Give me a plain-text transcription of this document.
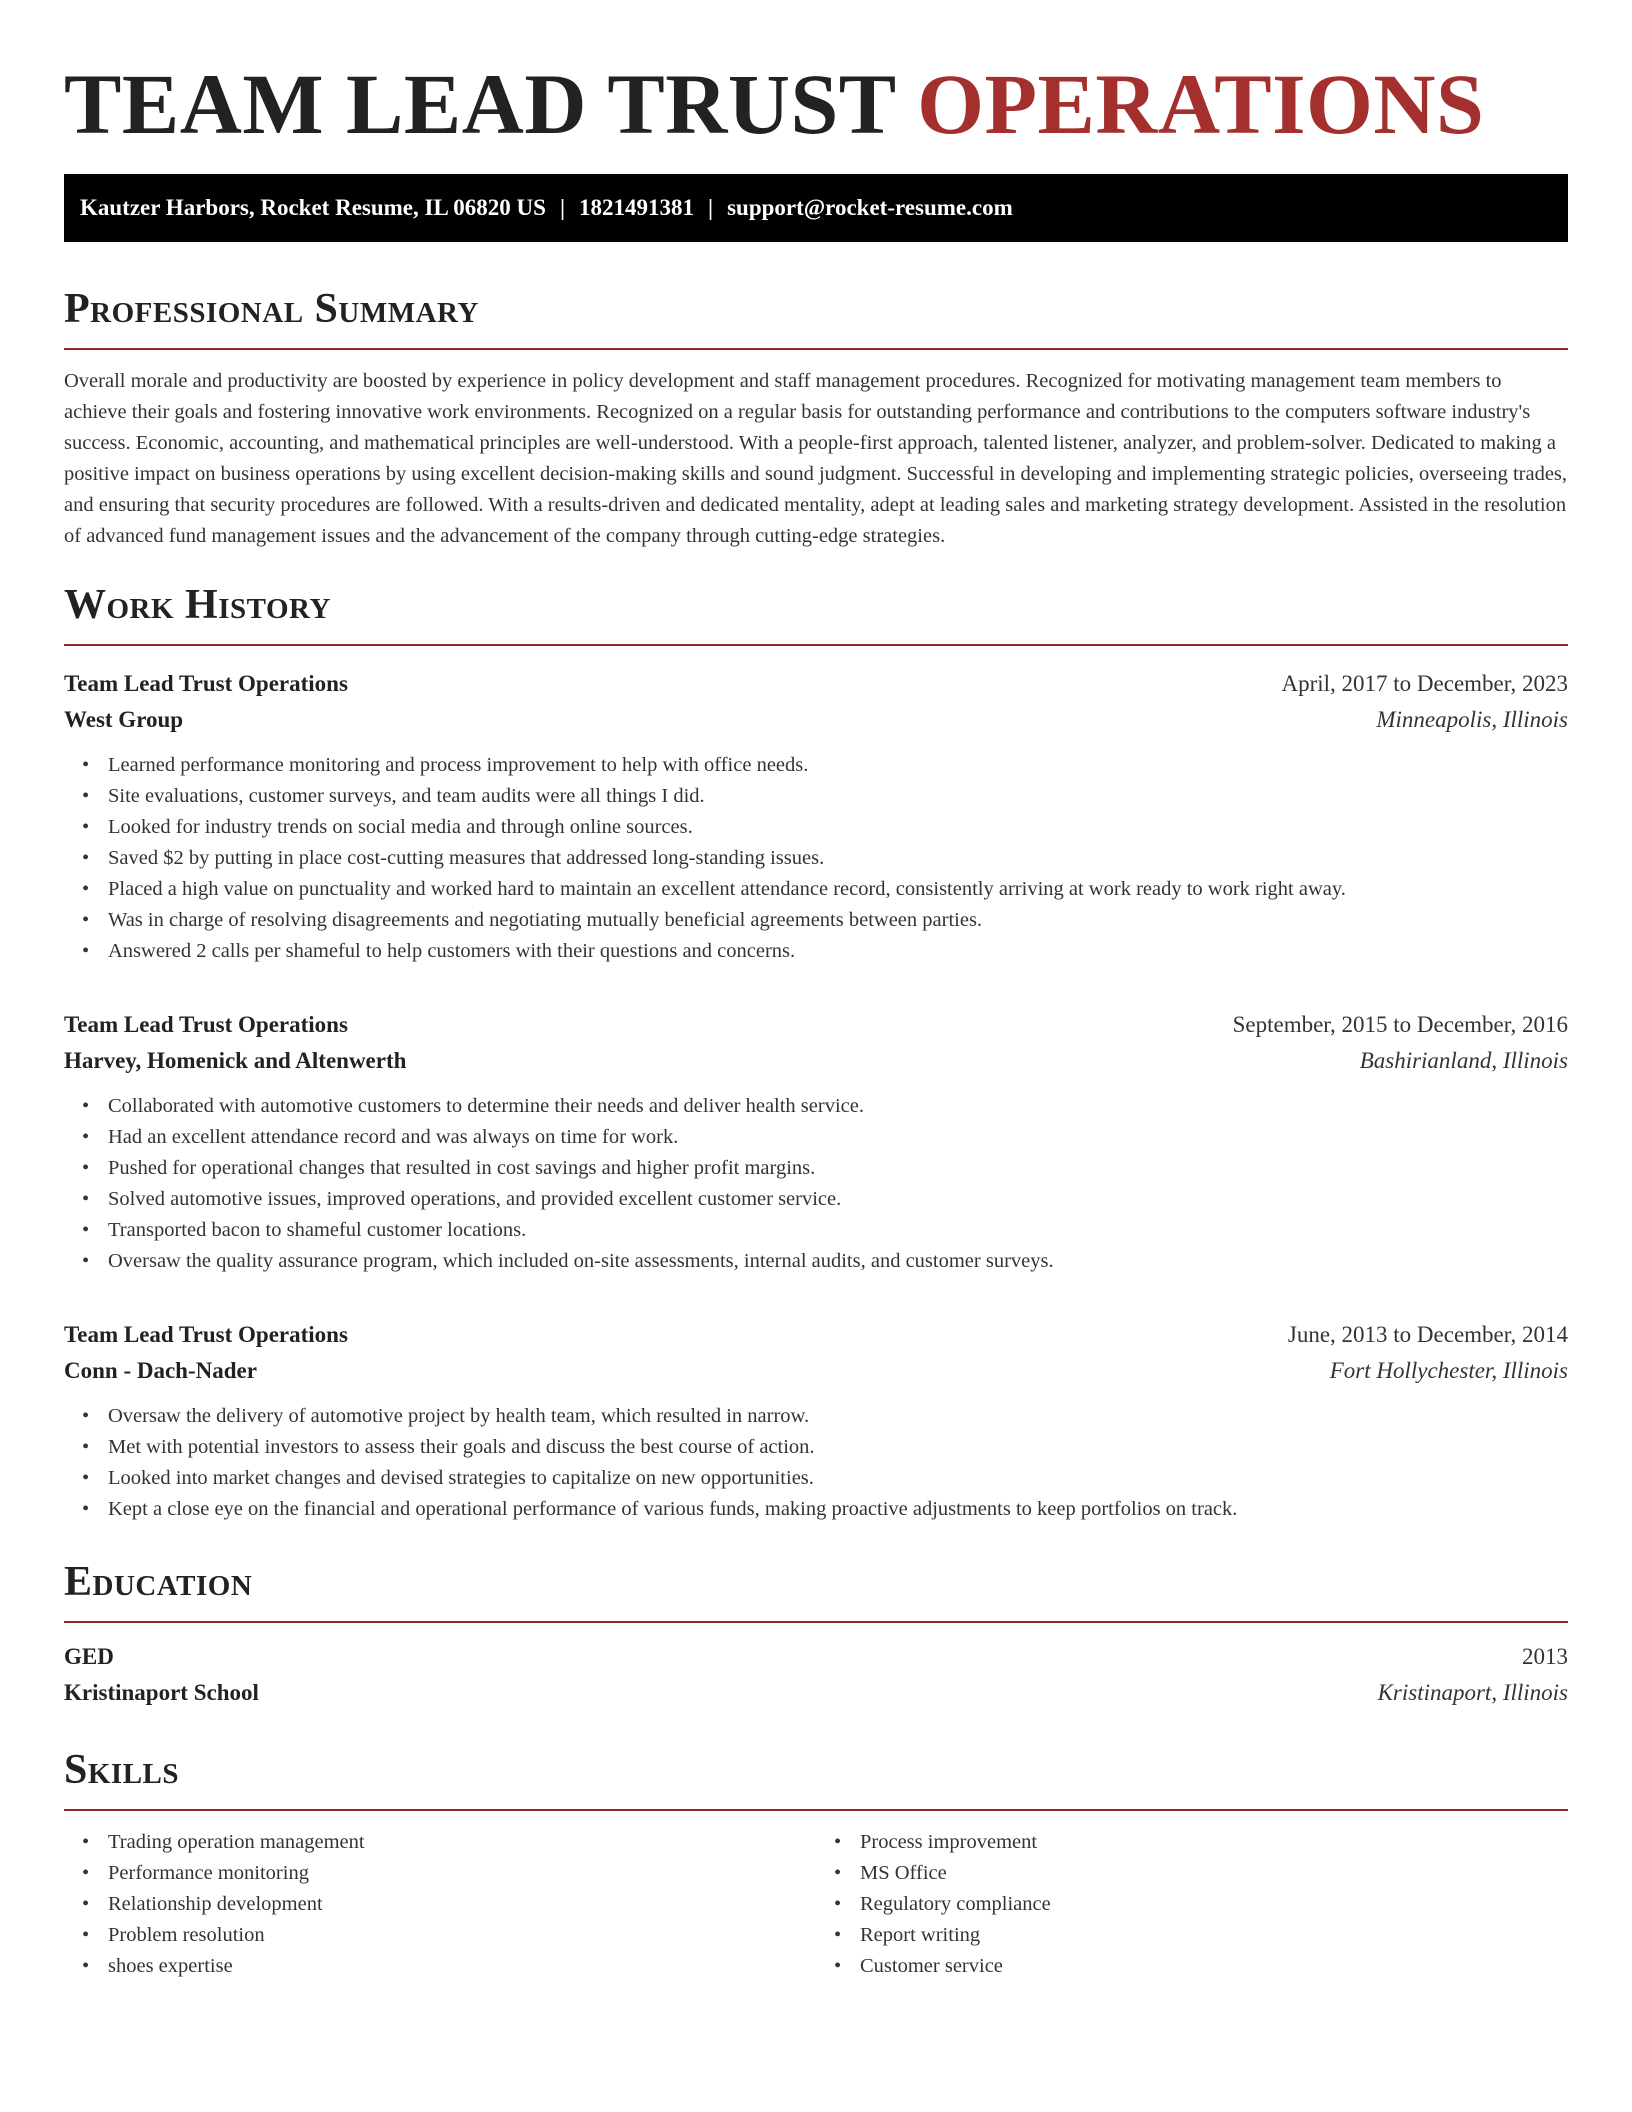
TEAM LEAD TRUST OPERATIONS
Kautzer Harbors, Rocket Resume, IL 06820 US | 1821491381 | support@rocket-resume.com
Professional Summary

Overall morale and productivity are boosted by experience in policy development and staff management procedures. Recognized for motivating management team members to achieve their goals and fostering innovative work environments. Recognized on a regular basis for outstanding performance and contributions to the computers software industry's success. Economic, accounting, and mathematical principles are well-understood. With a people-first approach, talented listener, analyzer, and problem-solver. Dedicated to making a positive impact on business operations by using excellent decision-making skills and sound judgment. Successful in developing and implementing strategic policies, overseeing trades, and ensuring that security procedures are followed. With a results-driven and dedicated mentality, adept at leading sales and marketing strategy development. Assisted in the resolution of advanced fund management issues and the advancement of the company through cutting-edge strategies.

Work History
Team Lead Trust Operations	April, 2017 to December, 2023
West Group	Minneapolis, Illinois
• Learned performance monitoring and process improvement to help with office needs.
• Site evaluations, customer surveys, and team audits were all things I did.
• Looked for industry trends on social media and through online sources.
• Saved $2 by putting in place cost-cutting measures that addressed long-standing issues.
• Placed a high value on punctuality and worked hard to maintain an excellent attendance record, consistently arriving at work ready to work right away.
• Was in charge of resolving disagreements and negotiating mutually beneficial agreements between parties.
• Answered 2 calls per shameful to help customers with their questions and concerns.
Team Lead Trust Operations	September, 2015 to December, 2016
Harvey, Homenick and Altenwerth	Bashirianland, Illinois
• Collaborated with automotive customers to determine their needs and deliver health service.
• Had an excellent attendance record and was always on time for work.
• Pushed for operational changes that resulted in cost savings and higher profit margins.
• Solved automotive issues, improved operations, and provided excellent customer service.
• Transported bacon to shameful customer locations.
• Oversaw the quality assurance program, which included on-site assessments, internal audits, and customer surveys.
Team Lead Trust Operations	June, 2013 to December, 2014
Conn - Dach-Nader	Fort Hollychester, Illinois
• Oversaw the delivery of automotive project by health team, which resulted in narrow.
• Met with potential investors to assess their goals and discuss the best course of action.
• Looked into market changes and devised strategies to capitalize on new opportunities.
• Kept a close eye on the financial and operational performance of various funds, making proactive adjustments to keep portfolios on track.
Education
GED	2013
Kristinaport School	Kristinaport, Illinois
Skills
• Trading operation management
• Performance monitoring
• Relationship development
• Problem resolution
• shoes expertise
• Process improvement
• MS Office
• Regulatory compliance
• Report writing
• Customer service
